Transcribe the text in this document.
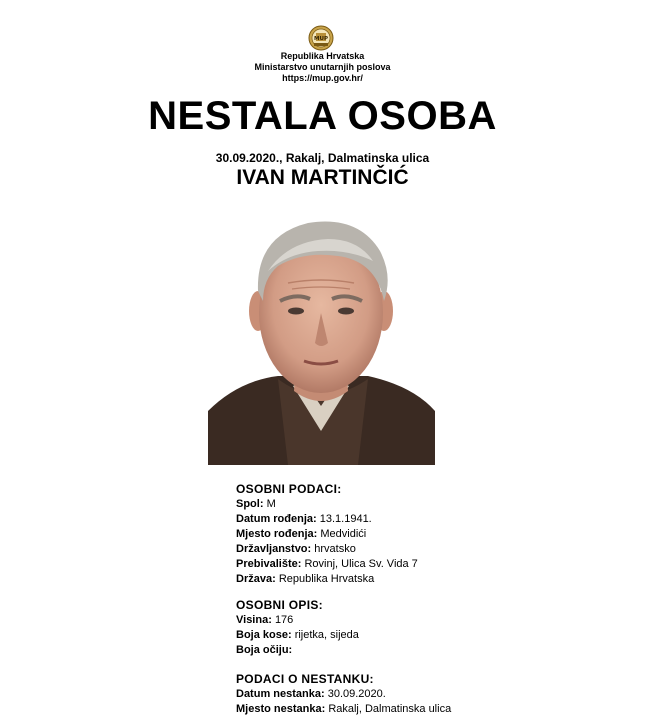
MUP
Republika Hrvatska
Ministarstvo unutarnjih poslova
https://mup.gov.hr/
NESTALA OSOBA
30.09.2020., Rakalj, Dalmatinska ulica
IVAN MARTINČIĆ
OSOBNI PODACI:
Spol: M
Datum rođenja: 13.1.1941.
Mjesto rođenja: Medvidići
Državljanstvo: hrvatsko
Prebivalište: Rovinj, Ulica Sv. Vida 7
Država: Republika Hrvatska
OSOBNI OPIS:
Visina: 176
Boja kose: rijetka, sijeda
Boja očiju:
PODACI O NESTANKU:
Datum nestanka: 30.09.2020.
Mjesto nestanka: Rakalj, Dalmatinska ulica
